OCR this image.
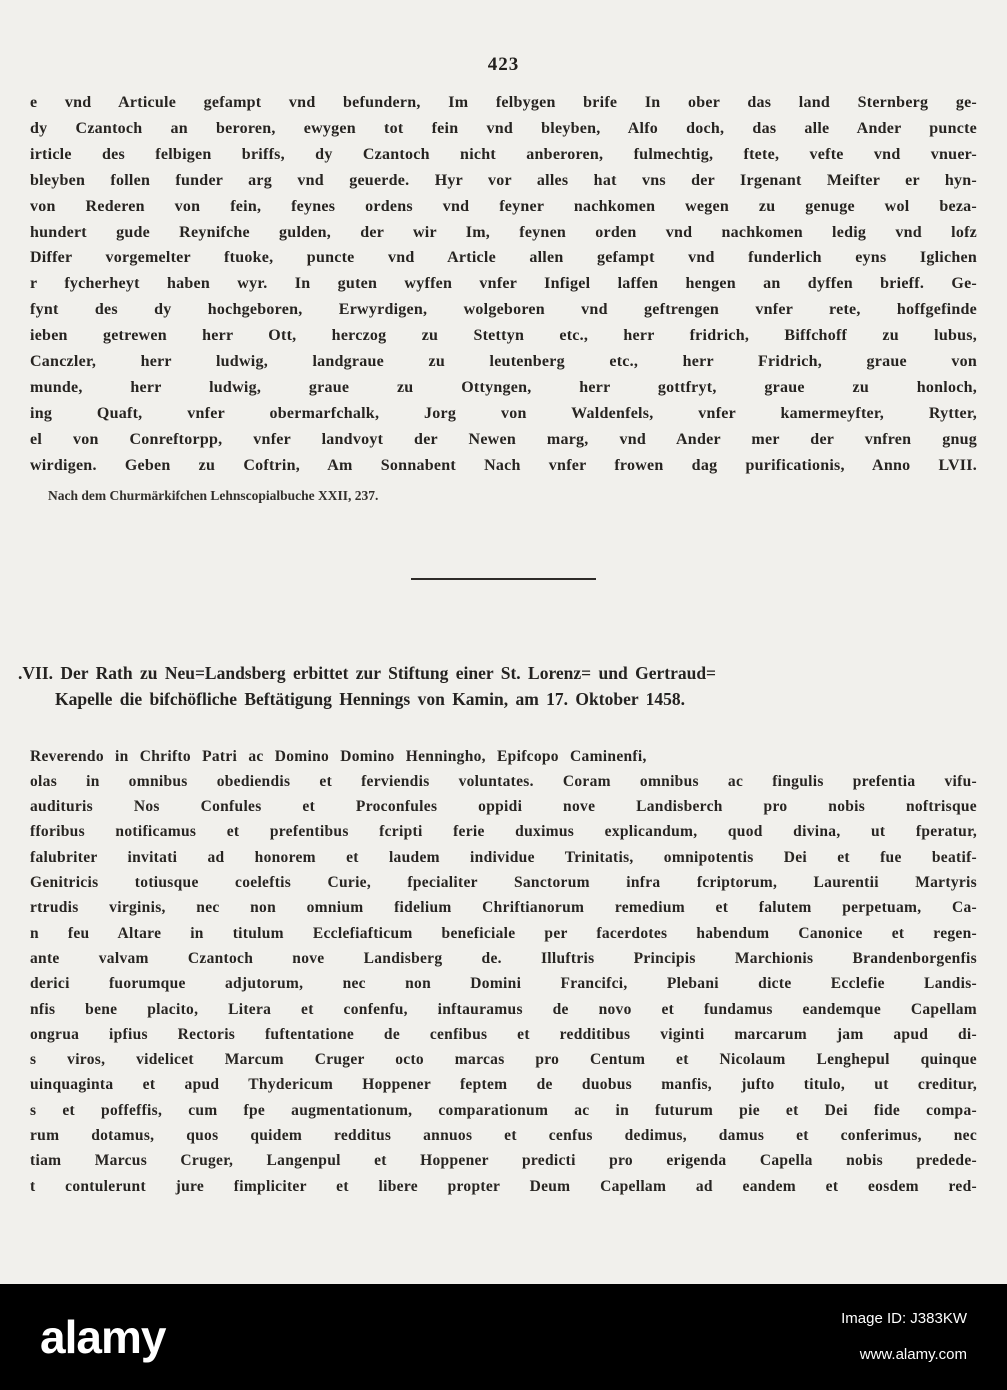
423
e vnd Articule gefampt vnd befundern, Im felbygen brife In ober das land Sternberg ge-
dy Czantoch an beroren, ewygen tot fein vnd bleyben, Alfo doch, das alle Ander puncte
irticle des felbigen briffs, dy Czantoch nicht anberoren, fulmechtig, ftete, vefte vnd vnuer-
bleyben follen funder arg vnd geuerde. Hyr vor alles hat vns der Irgenant Meifter er hyn-
von Rederen von fein, feynes ordens vnd feyner nachkomen wegen zu genuge wol beza-
hundert gude Reynifche gulden, der wir Im, feynen orden vnd nachkomen ledig vnd lofz
Differ vorgemelter ftuoke, puncte vnd Article allen gefampt vnd funderlich eyns Iglichen
r fycherheyt haben wyr. In guten wyffen vnfer Infigel laffen hengen an dyffen brieff. Ge-
fynt des dy hochgeboren, Erwyrdigen, wolgeboren vnd geftrengen vnfer rete, hoffgefinde
ieben getrewen herr Ott, herczog zu Stettyn etc., herr fridrich, Biffchoff zu lubus,
Canczler, herr ludwig, landgraue zu leutenberg etc., herr Fridrich, graue von
munde, herr ludwig, graue zu Ottyngen, herr gottfryt, graue zu honloch,
ing Quaft, vnfer obermarfchalk, Jorg von Waldenfels, vnfer kamermeyfter, Rytter,
el von Conreftorpp, vnfer landvoyt der Newen marg, vnd Ander mer der vnfren gnug
wirdigen. Geben zu Coftrin, Am Sonnabent Nach vnfer frowen dag purificationis, Anno LVII.
Nach dem Churmärkifchen Lehnscopialbuche XXII, 237.
.VII. Der Rath zu Neu=Landsberg erbittet zur Stiftung einer St. Lorenz= und Gertraud=
Kapelle die bifchöfliche Beftätigung Hennings von Kamin, am 17. Oktober 1458.
Reverendo in Chrifto Patri ac Domino Domino Henningho, Epifcopo Caminenfi,
olas in omnibus obediendis et ferviendis voluntates. Coram omnibus ac fingulis prefentia vifu-
audituris Nos Confules et Proconfules oppidi nove Landisberch pro nobis noftrisque
fforibus notificamus et prefentibus fcripti ferie duximus explicandum, quod divina, ut fperatur,
falubriter invitati ad honorem et laudem individue Trinitatis, omnipotentis Dei et fue beatif-
Genitricis totiusque coeleftis Curie, fpecialiter Sanctorum infra fcriptorum, Laurentii Martyris
rtrudis virginis, nec non omnium fidelium Chriftianorum remedium et falutem perpetuam, Ca-
n feu Altare in titulum Ecclefiafticum beneficiale per facerdotes habendum Canonice et regen-
ante valvam Czantoch nove Landisberg de. Illuftris Principis Marchionis Brandenborgenfis
derici fuorumque adjutorum, nec non Domini Francifci, Plebani dicte Ecclefie Landis-
nfis bene placito, Litera et confenfu, inftauramus de novo et fundamus eandemque Capellam
ongrua ipfius Rectoris fuftentatione de cenfibus et redditibus viginti marcarum jam apud di-
s viros, videlicet Marcum Cruger octo marcas pro Centum et Nicolaum Lenghepul quinque
uinquaginta et apud Thydericum Hoppener feptem de duobus manfis, jufto titulo, ut creditur,
s et poffeffis, cum fpe augmentationum, comparationum ac in futurum pie et Dei fide compa-
rum dotamus, quos quidem redditus annuos et cenfus dedimus, damus et conferimus, nec
tiam Marcus Cruger, Langenpul et Hoppener predicti pro erigenda Capella nobis predede-
t contulerunt jure fimpliciter et libere propter Deum Capellam ad eandem et eosdem red-
alamy	Image ID: J383KW
www.alamy.com
